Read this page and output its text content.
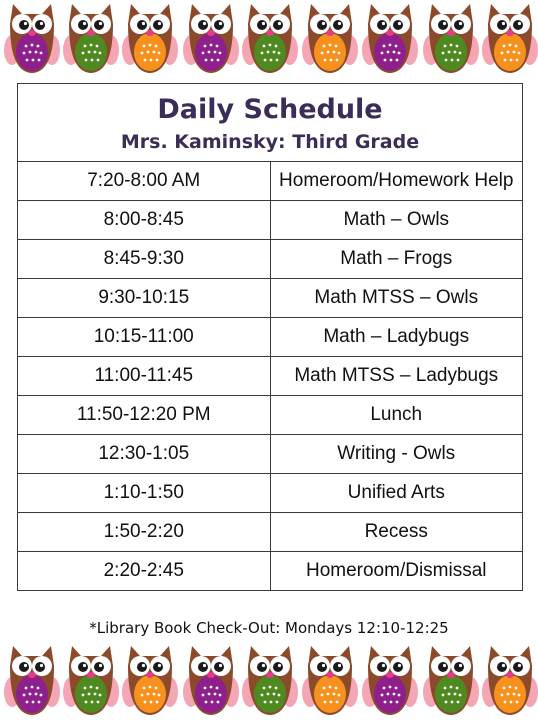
Daily Schedule
Mrs. Kaminsky: Third Grade	

7:20-8:00 AM	Homeroom/Homework Help
8:00-8:45	Math – Owls
8:45-9:30	Math – Frogs
9:30-10:15	Math MTSS – Owls
10:15-11:00	Math – Ladybugs
11:00-11:45	Math MTSS – Ladybugs
11:50-12:20 PM	Lunch
12:30-1:05	Writing - Owls
1:10-1:50	Unified Arts
1:50-2:20	Recess
2:20-2:45	Homeroom/Dismissal
*Library Book Check-Out: Mondays 12:10-12:25
